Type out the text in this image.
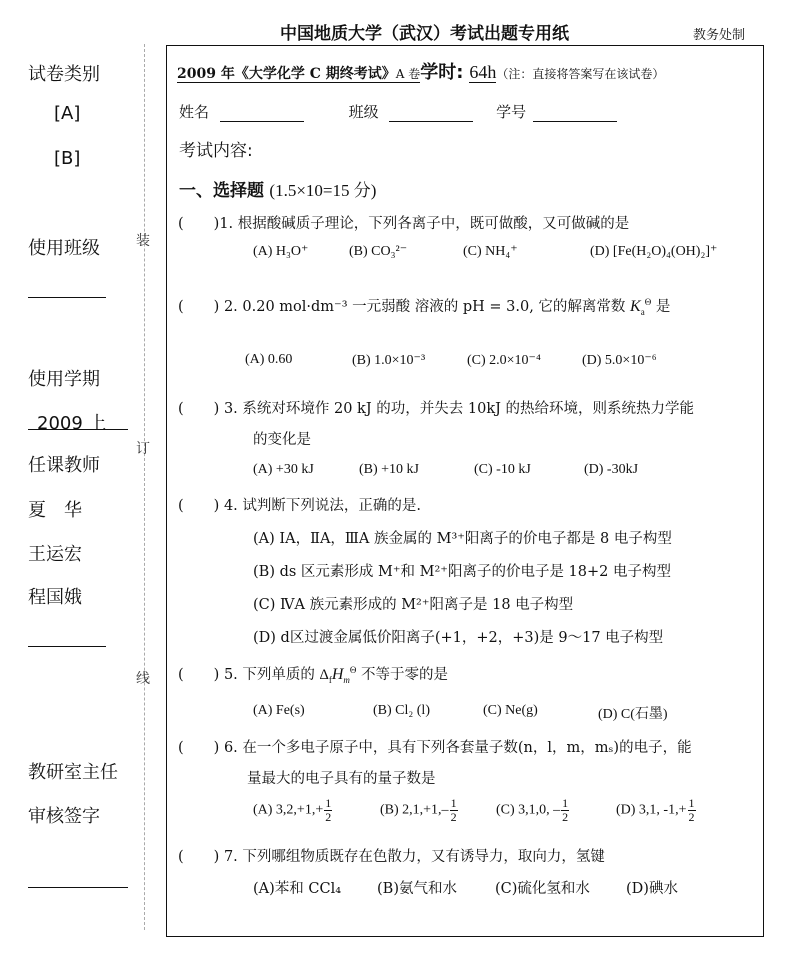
中国地质大学（武汉）考试出题专用纸	教务处制
试卷类别
[A]
[B]
使用班级
使用学期
2009 上
任课教师
夏　华
王运宏
程国娥
教研室主任
审核签字
装
订
线
2009 年《大学化学 C 期终考试》A 卷学时: 64h（注：直接将答案写在该试卷）
姓名	班级	学号
考试内容:
一、选择题 (1.5×10=15 分)
( )1. 根据酸碱质子理论，下列各离子中，既可做酸，又可做碱的是
(A) H₃O⁺	(B) CO₃²⁻	(C) NH₄⁺	(D) [Fe(H₂O)₄(OH)₂]⁺
( ) 2. 0.20 mol·dm⁻³ 一元弱酸 溶液的 pH = 3.0, 它的解离常数 $K_a^\Theta$ 是
(A) 0.60	(B) 1.0×10⁻³	(C) 2.0×10⁻⁴	(D) 5.0×10⁻⁶
( ) 3. 系统对环境作 20 kJ 的功，并失去 10kJ 的热给环境，则系统热力学能
的变化是
(A) +30 kJ	(B) +10 kJ	(C) -10 kJ	(D) -30kJ
( ) 4. 试判断下列说法，正确的是.
(A) ⅠA，ⅡA，ⅢA 族金属的 M³⁺阳离子的价电子都是 8 电子构型
(B) ds 区元素形成 M⁺和 M²⁺阳离子的价电子是 18+2 电子构型
(C) ⅣA 族元素形成的 M²⁺阳离子是 18 电子构型
(D) d区过渡金属低价阳离子(+1，+2，+3)是 9～17 电子构型
( ) 5. 下列单质的 $\Delta_fH_m^\Theta$ 不等于零的是
(A) Fe(s)	(B) Cl₂ (l)	(C) Ne(g)	(D) C(石墨)
( ) 6. 在一个多电子原子中，具有下列各套量子数(n，l，m，mₛ)的电子，能
量最大的电子具有的量子数是
(A) $3,2,+1,+ \frac{1}{2}$	(B) $2,1,+1,- \frac{1}{2}$	(C) 3,1,0, – $\frac{1}{2}$	(D) 3,1, $-1,+ \frac{1}{2}$
( ) 7. 下列哪组物质既存在色散力，又有诱导力，取向力，氢键
(A)苯和 CCl₄ (B)氨气和水	(C)硫化氢和水 (D)碘水
